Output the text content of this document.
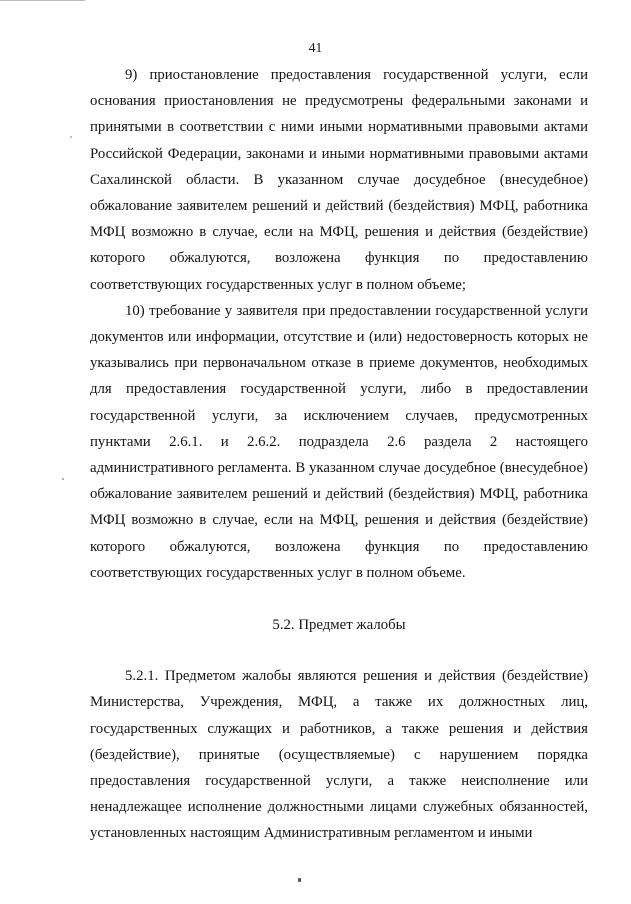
41

9) приостановление предоставления государственной услуги, если основания приостановления не предусмотрены федеральными законами и принятыми в соответствии с ними иными нормативными правовыми актами Российской Федерации, законами и иными нормативными правовыми актами Сахалинской области. В указанном случае досудебное (внесудебное) обжалование заявителем решений и действий (бездействия) МФЦ, работника МФЦ возможно в случае, если на МФЦ, решения и действия (бездействие) которого обжалуются, возложена функция по предоставлению соответствующих государственных услуг в полном объеме;

10) требование у заявителя при предоставлении государственной услуги документов или информации, отсутствие и (или) недостоверность которых не указывались при первоначальном отказе в приеме документов, необходимых для предоставления государственной услуги, либо в предоставлении государственной услуги, за исключением случаев, предусмотренных пунктами 2.6.1. и 2.6.2. подраздела 2.6 раздела 2 настоящего административного регламента. В указанном случае досудебное (внесудебное) обжалование заявителем решений и действий (бездействия) МФЦ, работника МФЦ возможно в случае, если на МФЦ, решения и действия (бездействие) которого обжалуются, возложена функция по предоставлению соответствующих государственных услуг в полном объеме.

5.2. Предмет жалобы

5.2.1. Предметом жалобы являются решения и действия (бездействие) Министерства, Учреждения, МФЦ, а также их должностных лиц, государственных служащих и работников, а также решения и действия (бездействие), принятые (осуществляемые) с нарушением порядка предоставления государственной услуги, а также неисполнение или ненадлежащее исполнение должностными лицами служебных обязанностей, установленных настоящим Административным регламентом и иными
